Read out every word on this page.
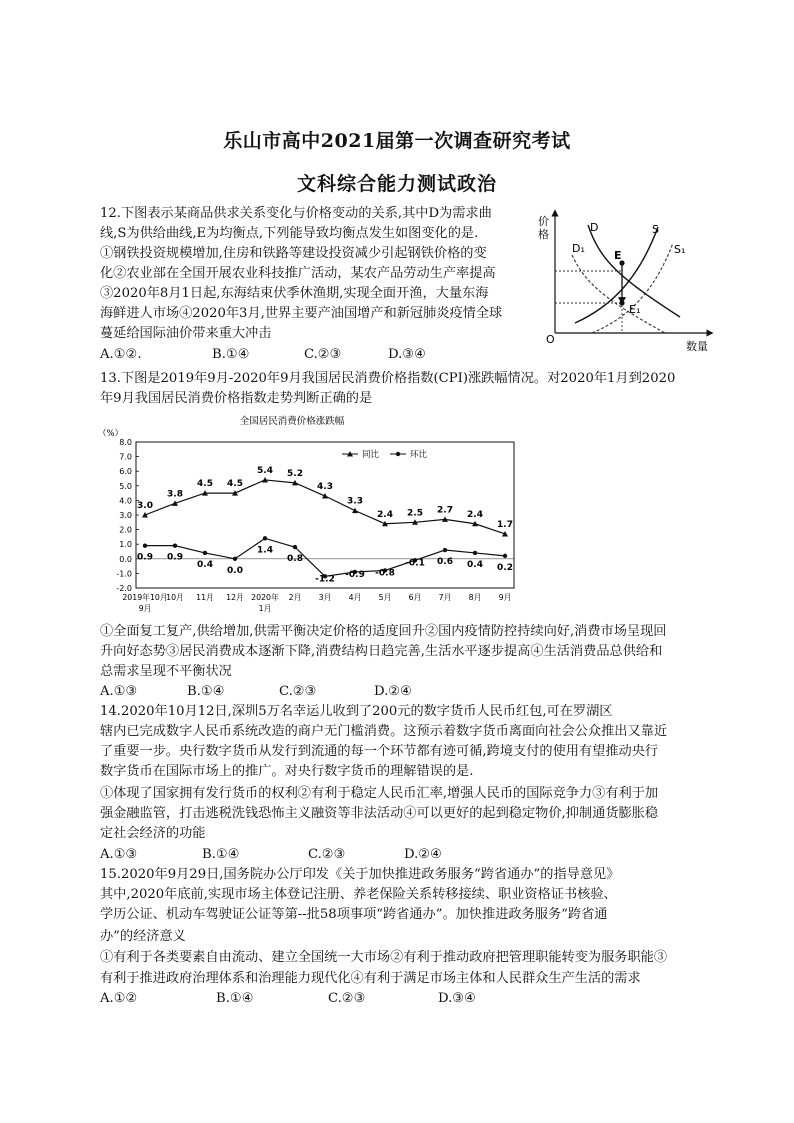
乐山市高中2021届第一次调查研究考试
文科综合能力测试政治
12.下图表示某商品供求关系变化与价格变动的关系,其中D为需求曲
线,S为供给曲线,E为均衡点,下列能导致均衡点发生如图变化的是.
①钢铁投资规模增加,住房和铁路等建设投资减少引起钢铁价格的变
化②农业部在全国开展农业科技推广活动，某农产品劳动生产率提高
③2020年8月1日起,东海结束伏季休渔期,实现全面开渔，大量东海
海鲜进人市场④2020年3月,世界主要产油国增产和新冠肺炎疫情全球
蔓延给国际油价带来重大冲击
A.①②.	B.①④	C.②③	D.③④
价
格
数量
O
D
D₁
S
S₁
E
E₁
13.下图是2019年9月-2020年9月我国居民消费价格指数(CPI)涨跌幅情况。对2020年1月到2020
年9月我国居民消费价格指数走势判断正确的是
全国居民消费价格涨跌幅
（%）
8.0
7.0
6.0
5.0
4.0
3.0
2.0
1.0
0.0
-1.0
-2.0
同比	环比
3.0
3.8
4.5 4.5
5.4 5.2
4.3
3.3
2.4 2.5 2.7 2.4
1.7
0.9 0.9
0.4
0.0
1.4
0.8
-1.2 -0.9 -0.8
-0.1 0.6 0.4 0.2
2019年10月 9月
10月 11月 12月 2020年 1月
2月 3月 4月 5月 6月 7月 8月 9月
①全面复工复产,供给增加,供需平衡决定价格的适度回升②国内疫情防控持续向好,消费市场呈现回
升向好态势③居民消费成本逐渐下降,消费结构日趋完善,生活水平逐步提高④生活消费品总供给和
总需求呈现不平衡状况
A.①③	B.①④	C.②③	D.②④
14.2020年10月12日,深圳5万名幸运儿收到了200元的数字货币人民币红包,可在罗湖区
辖内已完成数字人民币系统改造的商户无门槛消费。这预示着数字货币离面向社会公众推出又靠近
了重要一步。央行数字货币从发行到流通的每一个环节都有迹可循,跨境支付的使用有望推动央行
数字货币在国际市场上的推广。对央行数字货币的理解错误的是.
①体现了国家拥有发行货币的权利②有利于稳定人民币汇率,增强人民币的国际竞争力③有利于加
强金融监管，打击逃税洗钱恐怖主义融资等非法活动④可以更好的起到稳定物价,抑制通货膨胀稳
定社会经济的功能
A.①③	B.①④	C.②③	D.②④
15.2020年9月29日,国务院办公厅印发《关于加快推进政务服务“跨省通办”的指导意见》
其中,2020年底前,实现市场主体登记注册、养老保险关系转移接续、职业资格证书核验、
学历公证、机动车驾驶证公证等第--批58项事项“跨省通办”。加快推进政务服务“跨省通
办”的经济意义
①有利于各类要素自由流动、建立全国统一大市场②有利于推动政府把管理职能转变为服务职能③
有利于推进政府治理体系和治理能力现代化④有利于满足市场主体和人民群众生产生活的需求
A.①②	B.①④	C.②③	D.③④
